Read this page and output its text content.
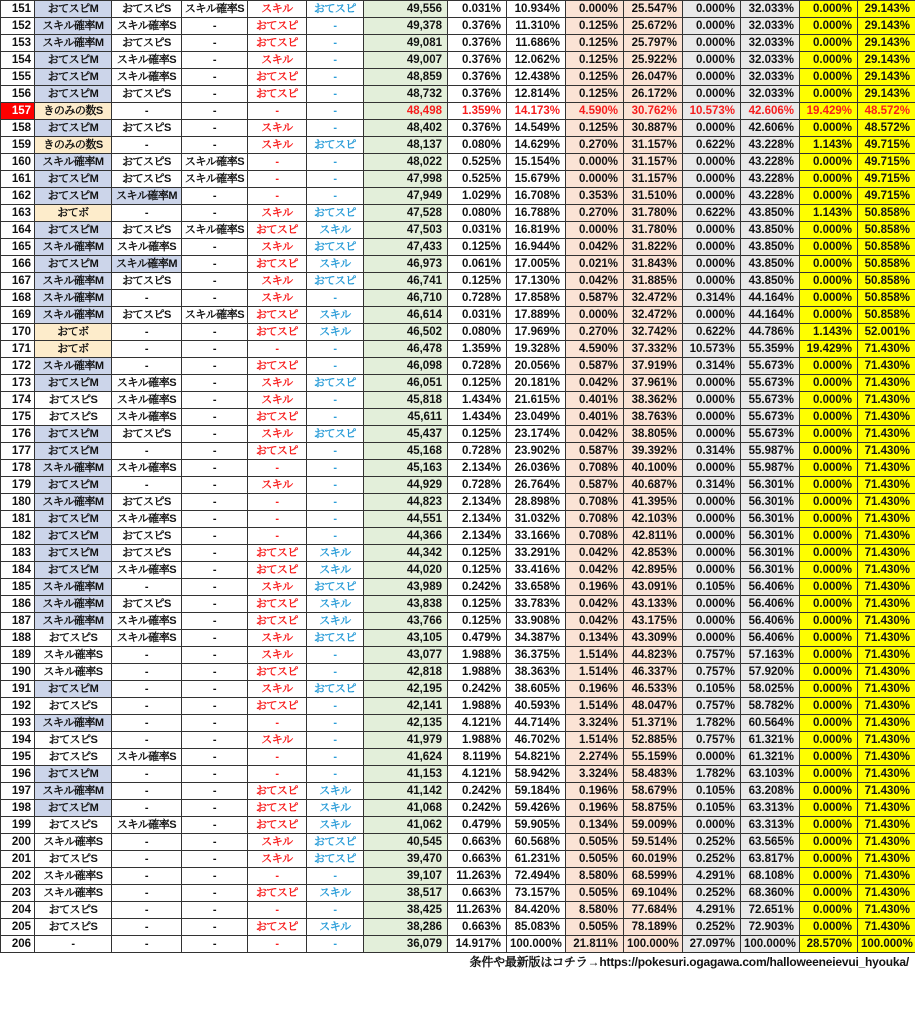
151	おてスピM	おてスピS	スキル確率S	スキル	おてスピ	49,556	0.031%	10.934%	0.000%	25.547%	0.000%	32.033%	0.000%	29.143%
152	スキル確率M	スキル確率S	-	おてスピ	-	49,378	0.376%	11.310%	0.125%	25.672%	0.000%	32.033%	0.000%	29.143%
153	スキル確率M	おてスピS	-	おてスピ	-	49,081	0.376%	11.686%	0.125%	25.797%	0.000%	32.033%	0.000%	29.143%
154	おてスピM	スキル確率S	-	スキル	-	49,007	0.376%	12.062%	0.125%	25.922%	0.000%	32.033%	0.000%	29.143%
155	おてスピM	スキル確率S	-	おてスピ	-	48,859	0.376%	12.438%	0.125%	26.047%	0.000%	32.033%	0.000%	29.143%
156	おてスピM	おてスピS	-	おてスピ	-	48,732	0.376%	12.814%	0.125%	26.172%	0.000%	32.033%	0.000%	29.143%
157	きのみの数S	-	-	-	-	48,498	1.359%	14.173%	4.590%	30.762%	10.573%	42.606%	19.429%	48.572%
158	おてスピM	おてスピS	-	スキル	-	48,402	0.376%	14.549%	0.125%	30.887%	0.000%	42.606%	0.000%	48.572%
159	きのみの数S	-	-	スキル	おてスピ	48,137	0.080%	14.629%	0.270%	31.157%	0.622%	43.228%	1.143%	49.715%
160	スキル確率M	おてスピS	スキル確率S	-	-	48,022	0.525%	15.154%	0.000%	31.157%	0.000%	43.228%	0.000%	49.715%
161	おてスピM	おてスピS	スキル確率S	-	-	47,998	0.525%	15.679%	0.000%	31.157%	0.000%	43.228%	0.000%	49.715%
162	おてスピM	スキル確率M	-	-	-	47,949	1.029%	16.708%	0.353%	31.510%	0.000%	43.228%	0.000%	49.715%
163	おてボ	-	-	スキル	おてスピ	47,528	0.080%	16.788%	0.270%	31.780%	0.622%	43.850%	1.143%	50.858%
164	おてスピM	おてスピS	スキル確率S	おてスピ	スキル	47,503	0.031%	16.819%	0.000%	31.780%	0.000%	43.850%	0.000%	50.858%
165	スキル確率M	スキル確率S	-	スキル	おてスピ	47,433	0.125%	16.944%	0.042%	31.822%	0.000%	43.850%	0.000%	50.858%
166	おてスピM	スキル確率M	-	おてスピ	スキル	46,973	0.061%	17.005%	0.021%	31.843%	0.000%	43.850%	0.000%	50.858%
167	スキル確率M	おてスピS	-	スキル	おてスピ	46,741	0.125%	17.130%	0.042%	31.885%	0.000%	43.850%	0.000%	50.858%
168	スキル確率M	-	-	スキル	-	46,710	0.728%	17.858%	0.587%	32.472%	0.314%	44.164%	0.000%	50.858%
169	スキル確率M	おてスピS	スキル確率S	おてスピ	スキル	46,614	0.031%	17.889%	0.000%	32.472%	0.000%	44.164%	0.000%	50.858%
170	おてボ	-	-	おてスピ	スキル	46,502	0.080%	17.969%	0.270%	32.742%	0.622%	44.786%	1.143%	52.001%
171	おてボ	-	-	-	-	46,478	1.359%	19.328%	4.590%	37.332%	10.573%	55.359%	19.429%	71.430%
172	スキル確率M	-	-	おてスピ	-	46,098	0.728%	20.056%	0.587%	37.919%	0.314%	55.673%	0.000%	71.430%
173	おてスピM	スキル確率S	-	スキル	おてスピ	46,051	0.125%	20.181%	0.042%	37.961%	0.000%	55.673%	0.000%	71.430%
174	おてスピS	スキル確率S	-	スキル	-	45,818	1.434%	21.615%	0.401%	38.362%	0.000%	55.673%	0.000%	71.430%
175	おてスピS	スキル確率S	-	おてスピ	-	45,611	1.434%	23.049%	0.401%	38.763%	0.000%	55.673%	0.000%	71.430%
176	おてスピM	おてスピS	-	スキル	おてスピ	45,437	0.125%	23.174%	0.042%	38.805%	0.000%	55.673%	0.000%	71.430%
177	おてスピM	-	-	おてスピ	-	45,168	0.728%	23.902%	0.587%	39.392%	0.314%	55.987%	0.000%	71.430%
178	スキル確率M	スキル確率S	-	-	-	45,163	2.134%	26.036%	0.708%	40.100%	0.000%	55.987%	0.000%	71.430%
179	おてスピM	-	-	スキル	-	44,929	0.728%	26.764%	0.587%	40.687%	0.314%	56.301%	0.000%	71.430%
180	スキル確率M	おてスピS	-	-	-	44,823	2.134%	28.898%	0.708%	41.395%	0.000%	56.301%	0.000%	71.430%
181	おてスピM	スキル確率S	-	-	-	44,551	2.134%	31.032%	0.708%	42.103%	0.000%	56.301%	0.000%	71.430%
182	おてスピM	おてスピS	-	-	-	44,366	2.134%	33.166%	0.708%	42.811%	0.000%	56.301%	0.000%	71.430%
183	おてスピM	おてスピS	-	おてスピ	スキル	44,342	0.125%	33.291%	0.042%	42.853%	0.000%	56.301%	0.000%	71.430%
184	おてスピM	スキル確率S	-	おてスピ	スキル	44,020	0.125%	33.416%	0.042%	42.895%	0.000%	56.301%	0.000%	71.430%
185	スキル確率M	-	-	スキル	おてスピ	43,989	0.242%	33.658%	0.196%	43.091%	0.105%	56.406%	0.000%	71.430%
186	スキル確率M	おてスピS	-	おてスピ	スキル	43,838	0.125%	33.783%	0.042%	43.133%	0.000%	56.406%	0.000%	71.430%
187	スキル確率M	スキル確率S	-	おてスピ	スキル	43,766	0.125%	33.908%	0.042%	43.175%	0.000%	56.406%	0.000%	71.430%
188	おてスピS	スキル確率S	-	スキル	おてスピ	43,105	0.479%	34.387%	0.134%	43.309%	0.000%	56.406%	0.000%	71.430%
189	スキル確率S	-	-	スキル	-	43,077	1.988%	36.375%	1.514%	44.823%	0.757%	57.163%	0.000%	71.430%
190	スキル確率S	-	-	おてスピ	-	42,818	1.988%	38.363%	1.514%	46.337%	0.757%	57.920%	0.000%	71.430%
191	おてスピM	-	-	スキル	おてスピ	42,195	0.242%	38.605%	0.196%	46.533%	0.105%	58.025%	0.000%	71.430%
192	おてスピS	-	-	おてスピ	-	42,141	1.988%	40.593%	1.514%	48.047%	0.757%	58.782%	0.000%	71.430%
193	スキル確率M	-	-	-	-	42,135	4.121%	44.714%	3.324%	51.371%	1.782%	60.564%	0.000%	71.430%
194	おてスピS	-	-	スキル	-	41,979	1.988%	46.702%	1.514%	52.885%	0.757%	61.321%	0.000%	71.430%
195	おてスピS	スキル確率S	-	-	-	41,624	8.119%	54.821%	2.274%	55.159%	0.000%	61.321%	0.000%	71.430%
196	おてスピM	-	-	-	-	41,153	4.121%	58.942%	3.324%	58.483%	1.782%	63.103%	0.000%	71.430%
197	スキル確率M	-	-	おてスピ	スキル	41,142	0.242%	59.184%	0.196%	58.679%	0.105%	63.208%	0.000%	71.430%
198	おてスピM	-	-	おてスピ	スキル	41,068	0.242%	59.426%	0.196%	58.875%	0.105%	63.313%	0.000%	71.430%
199	おてスピS	スキル確率S	-	おてスピ	スキル	41,062	0.479%	59.905%	0.134%	59.009%	0.000%	63.313%	0.000%	71.430%
200	スキル確率S	-	-	スキル	おてスピ	40,545	0.663%	60.568%	0.505%	59.514%	0.252%	63.565%	0.000%	71.430%
201	おてスピS	-	-	スキル	おてスピ	39,470	0.663%	61.231%	0.505%	60.019%	0.252%	63.817%	0.000%	71.430%
202	スキル確率S	-	-	-	-	39,107	11.263%	72.494%	8.580%	68.599%	4.291%	68.108%	0.000%	71.430%
203	スキル確率S	-	-	おてスピ	スキル	38,517	0.663%	73.157%	0.505%	69.104%	0.252%	68.360%	0.000%	71.430%
204	おてスピS	-	-	-	-	38,425	11.263%	84.420%	8.580%	77.684%	4.291%	72.651%	0.000%	71.430%
205	おてスピS	-	-	おてスピ	スキル	38,286	0.663%	85.083%	0.505%	78.189%	0.252%	72.903%	0.000%	71.430%
206	-	-	-	-	-	36,079	14.917%	100.000%	21.811%	100.000%	27.097%	100.000%	28.570%	100.000%
条件や最新版はコチラ→https://pokesuri.ogagawa.com/halloweeneievui_hyouka/
